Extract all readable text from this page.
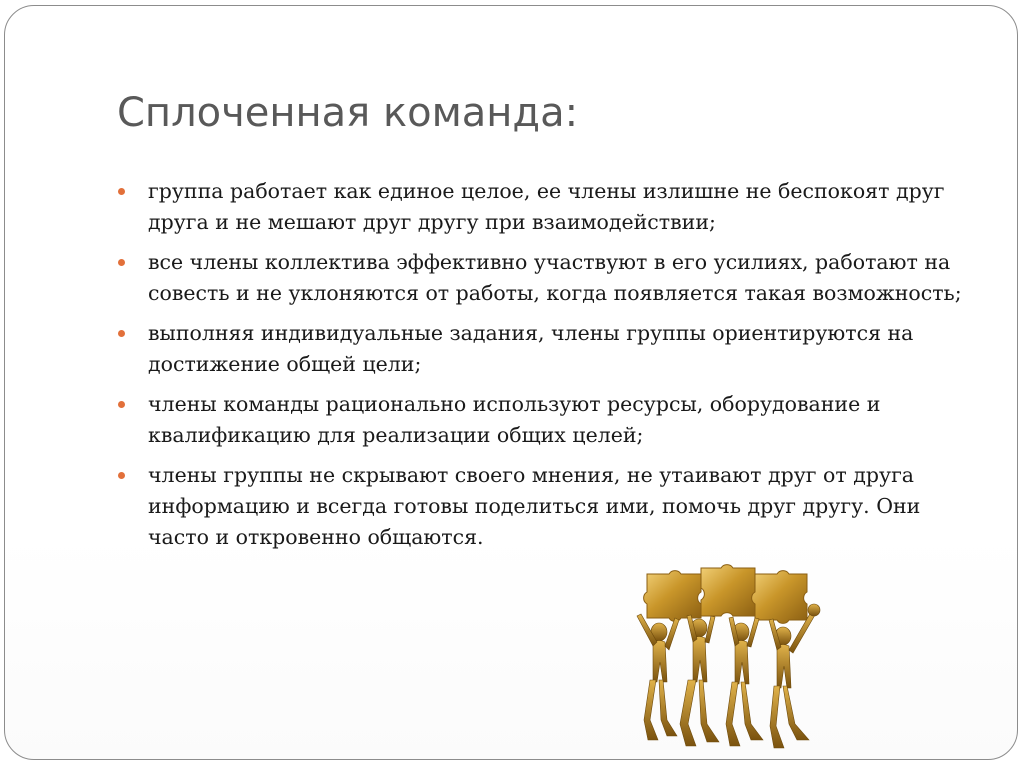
Сплоченная команда:
группа работает как единое целое, ее члены излишне не беспокоят друг друга и не мешают друг другу при взаимодействии;
все члены коллектива эффективно участвуют в его усилиях, работают на совесть и не уклоняются от работы, когда появляется такая возможность;
выполняя индивидуальные задания, члены группы ориентируются на достижение общей цели;
члены команды рационально используют ресурсы, оборудование и квалификацию для реализации общих целей;
члены группы не скрывают своего мнения, не утаивают друг от друга информацию и всегда готовы поделиться ими, помочь друг другу. Они часто и откровенно общаются.
